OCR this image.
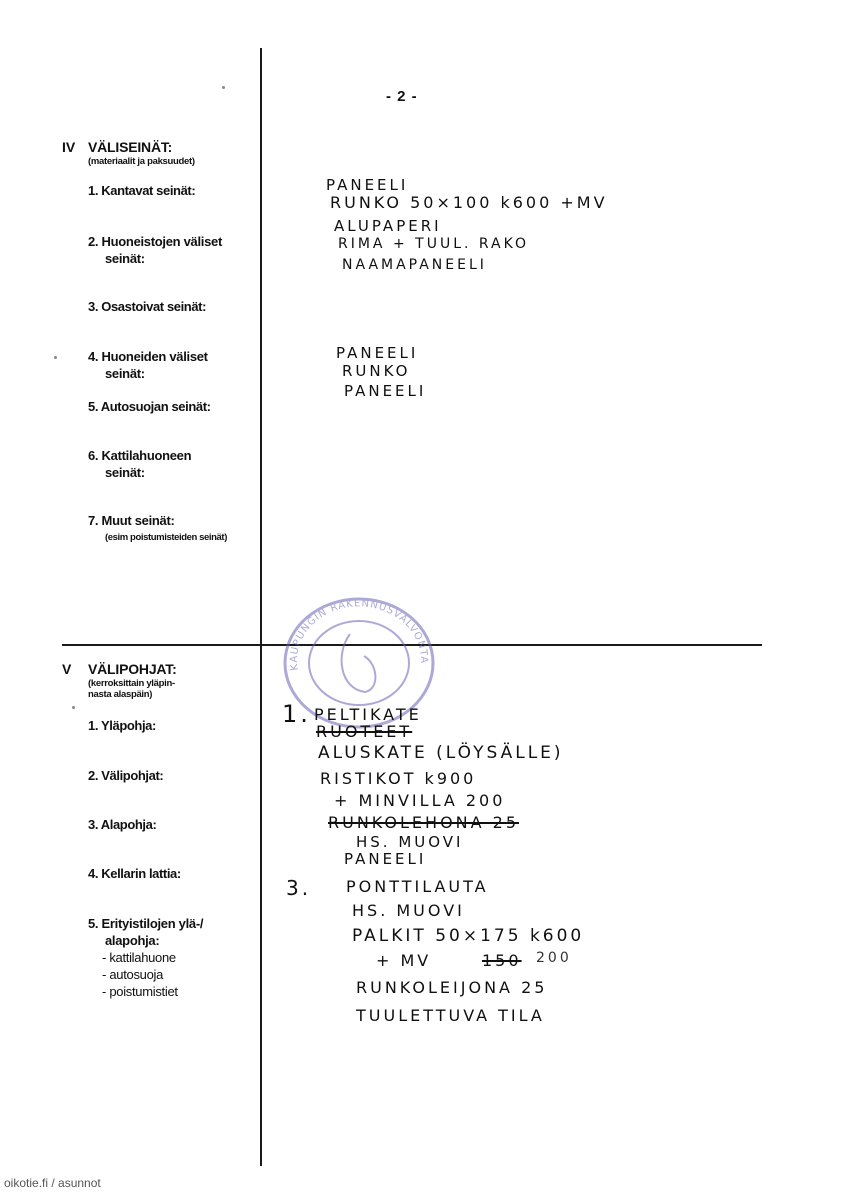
- 2 -
IV VÄLISEINÄT:
(materiaalit ja paksuudet)
1. Kantavat seinät:
2. Huoneistojen väliset
seinät:
3. Osastoivat seinät:
4. Huoneiden väliset
seinät:
5. Autosuojan seinät:
6. Kattilahuoneen
seinät:
7. Muut seinät:
(esim poistumisteiden seinät)
PANEELI
RUNKO 50×100 k600 +MV
ALUPAPERI
RIMA + TUUL. RAKO
NAAMAPANEELI
PANEELI
RUNKO
PANEELI
KAUPUNGIN RAKENNUSVALVONTA
V VÄLIPOHJAT:
(kerroksittain yläpin-
nasta alaspäin)
1. Yläpohja:
2. Välipohjat:
3. Alapohja:
4. Kellarin lattia:
5. Erityistilojen ylä-/
alapohja:
- kattilahuone
- autosuoja
- poistumistiet
1. PELTIKATE
RUOTEET
ALUSKATE (LÖYSÄLLE)
RISTIKOT k900
+ MINVILLA 200
RUNKOLEHONA 25
HS. MUOVI
PANEELI
3. PONTTILAUTA
HS. MUOVI
PALKIT 50×175 k600
+ MV	150 200
RUNKOLEIJONA 25
TUULETTUVA TILA
oikotie.fi / asunnot
